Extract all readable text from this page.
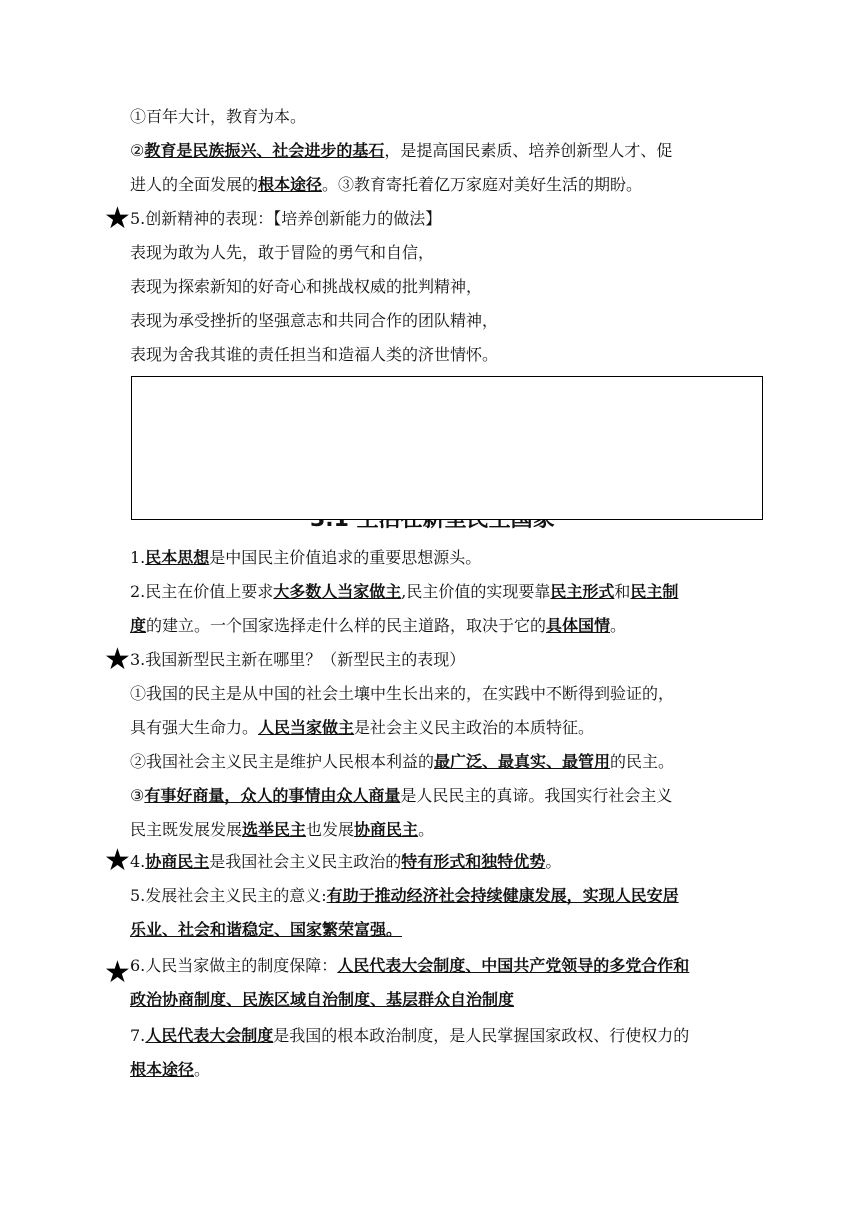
①百年大计，教育为本。
②教育是民族振兴、社会进步的基石，是提高国民素质、培养创新型人才、促
进人的全面发展的根本途径。③教育寄托着亿万家庭对美好生活的期盼。
★ 5.创新精神的表现：【培养创新能力的做法】
表现为敢为人先，敢于冒险的勇气和自信，
表现为探索新知的好奇心和挑战权威的批判精神，
表现为承受挫折的坚强意志和共同合作的团队精神，
表现为舍我其谁的责任担当和造福人类的济世情怀。
1.民本思想是中国民主价值追求的重要思想源头。
2.民主在价值上要求大多数人当家做主,民主价值的实现要靠民主形式和民主制
度的建立。一个国家选择走什么样的民主道路，取决于它的具体国情。
★ 3.我国新型民主新在哪里？（新型民主的表现）
①我国的民主是从中国的社会土壤中生长出来的，在实践中不断得到验证的，
具有强大生命力。人民当家做主是社会主义民主政治的本质特征。
②我国社会主义民主是维护人民根本利益的最广泛、最真实、最管用的民主。
③有事好商量，众人的事情由众人商量是人民民主的真谛。我国实行社会主义
民主既发展发展选举民主也发展协商民主。
★ 4.协商民主是我国社会主义民主政治的特有形式和独特优势。
5.发展社会主义民主的意义:有助于推动经济社会持续健康发展，实现人民安居
乐业、社会和谐稳定、国家繁荣富强。
★ 6.人民当家做主的制度保障：人民代表大会制度、中国共产党领导的多党合作和
政治协商制度、民族区域自治制度、基层群众自治制度
7.人民代表大会制度是我国的根本政治制度，是人民掌握国家政权、行使权力的
根本途径。
